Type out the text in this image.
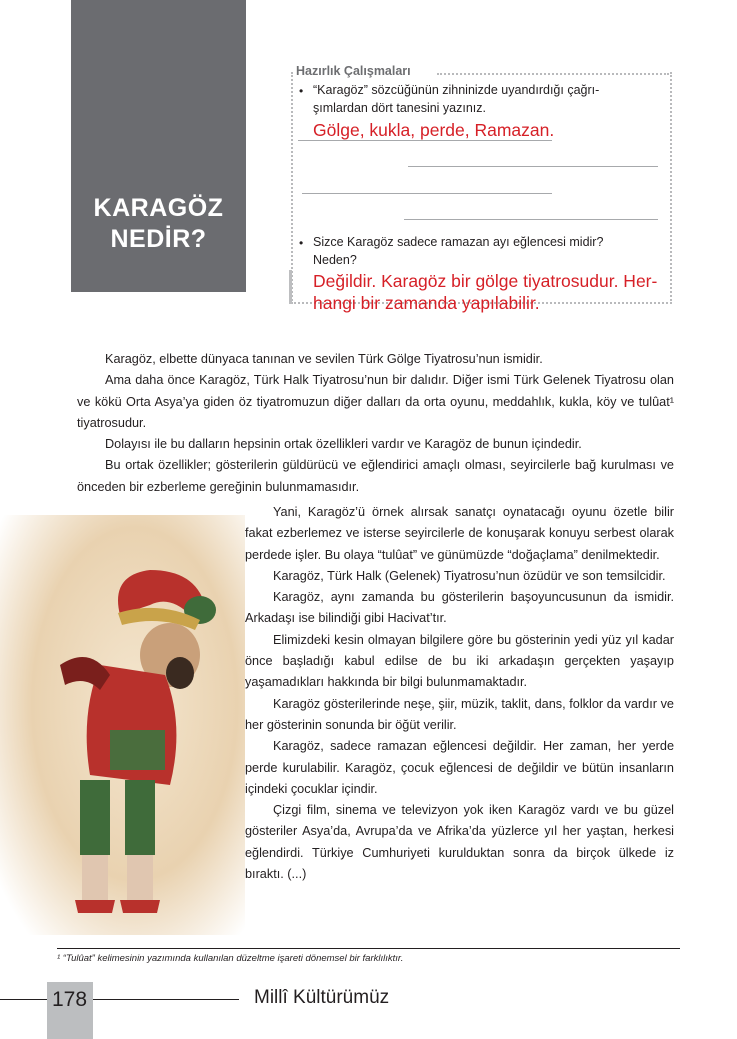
KARAGÖZ
NEDİR?
Hazırlık Çalışmaları
• “Karagöz” sözcüğünün zihninizde uyandırdığı çağrı-
şımlardan dört tanesini yazınız.
Gölge, kukla, perde, Ramazan.
• Sizce Karagöz sadece ramazan ayı eğlencesi midir?
Neden?
Değildir. Karagöz bir gölge tiyatrosudur. Her-
hangi bir zamanda yapılabilir.

Karagöz, elbette dünyaca tanınan ve sevilen Türk Gölge Tiyatrosu’nun ismidir.

Ama daha önce Karagöz, Türk Halk Tiyatrosu’nun bir dalıdır. Diğer ismi Türk Gelenek Tiyatrosu olan ve kökü Orta Asya’ya giden öz tiyatromuzun diğer dalları da orta oyunu, meddahlık, kukla, köy ve tulûat¹ tiyatrosudur.

Dolayısı ile bu dalların hepsinin ortak özellikleri vardır ve Karagöz de bunun içindedir.

Bu ortak özellikler; gösterilerin güldürücü ve eğlendirici amaçlı olması, seyircilerle bağ kurulması ve önceden bir ezberleme gereğinin bulunmamasıdır.

Yani, Karagöz’ü örnek alırsak sanatçı oynatacağı oyunu özetle bilir fakat ezberlemez ve isterse seyircilerle de konuşarak konuyu serbest olarak perdede işler. Bu olaya “tulûat” ve günümüzde “doğaçlama” denilmektedir.

Karagöz, Türk Halk (Gelenek) Tiyatrosu’nun özüdür ve son temsilcidir.

Karagöz, aynı zamanda bu gösterilerin başoyuncusunun da ismidir. Arkadaşı ise bilindiği gibi Hacivat’tır.

Elimizdeki kesin olmayan bilgilere göre bu gösterinin yedi yüz yıl kadar önce başladığı kabul edilse de bu iki arkadaşın gerçekten yaşayıp yaşamadıkları hakkında bir bilgi bulunmamaktadır.

Karagöz gösterilerinde neşe, şiir, müzik, taklit, dans, folklor da vardır ve her gösterinin sonunda bir öğüt verilir.

Karagöz, sadece ramazan eğlencesi değildir. Her zaman, her yerde perde kurulabilir. Karagöz, çocuk eğlencesi de değildir ve bütün insanların içindeki çocuklar içindir.

Çizgi film, sinema ve televizyon yok iken Karagöz vardı ve bu güzel gösteriler Asya’da, Avrupa’da ve Afrika’da yüzlerce yıl her yaştan, herkesi eğlendirdi. Türkiye Cumhuriyeti kurulduktan sonra da birçok ülkede iz bıraktı. (...)

¹ “Tulûat” kelimesinin yazımında kullanılan düzeltme işareti dönemsel bir farklılıktır.
178	Millî Kültürümüz
